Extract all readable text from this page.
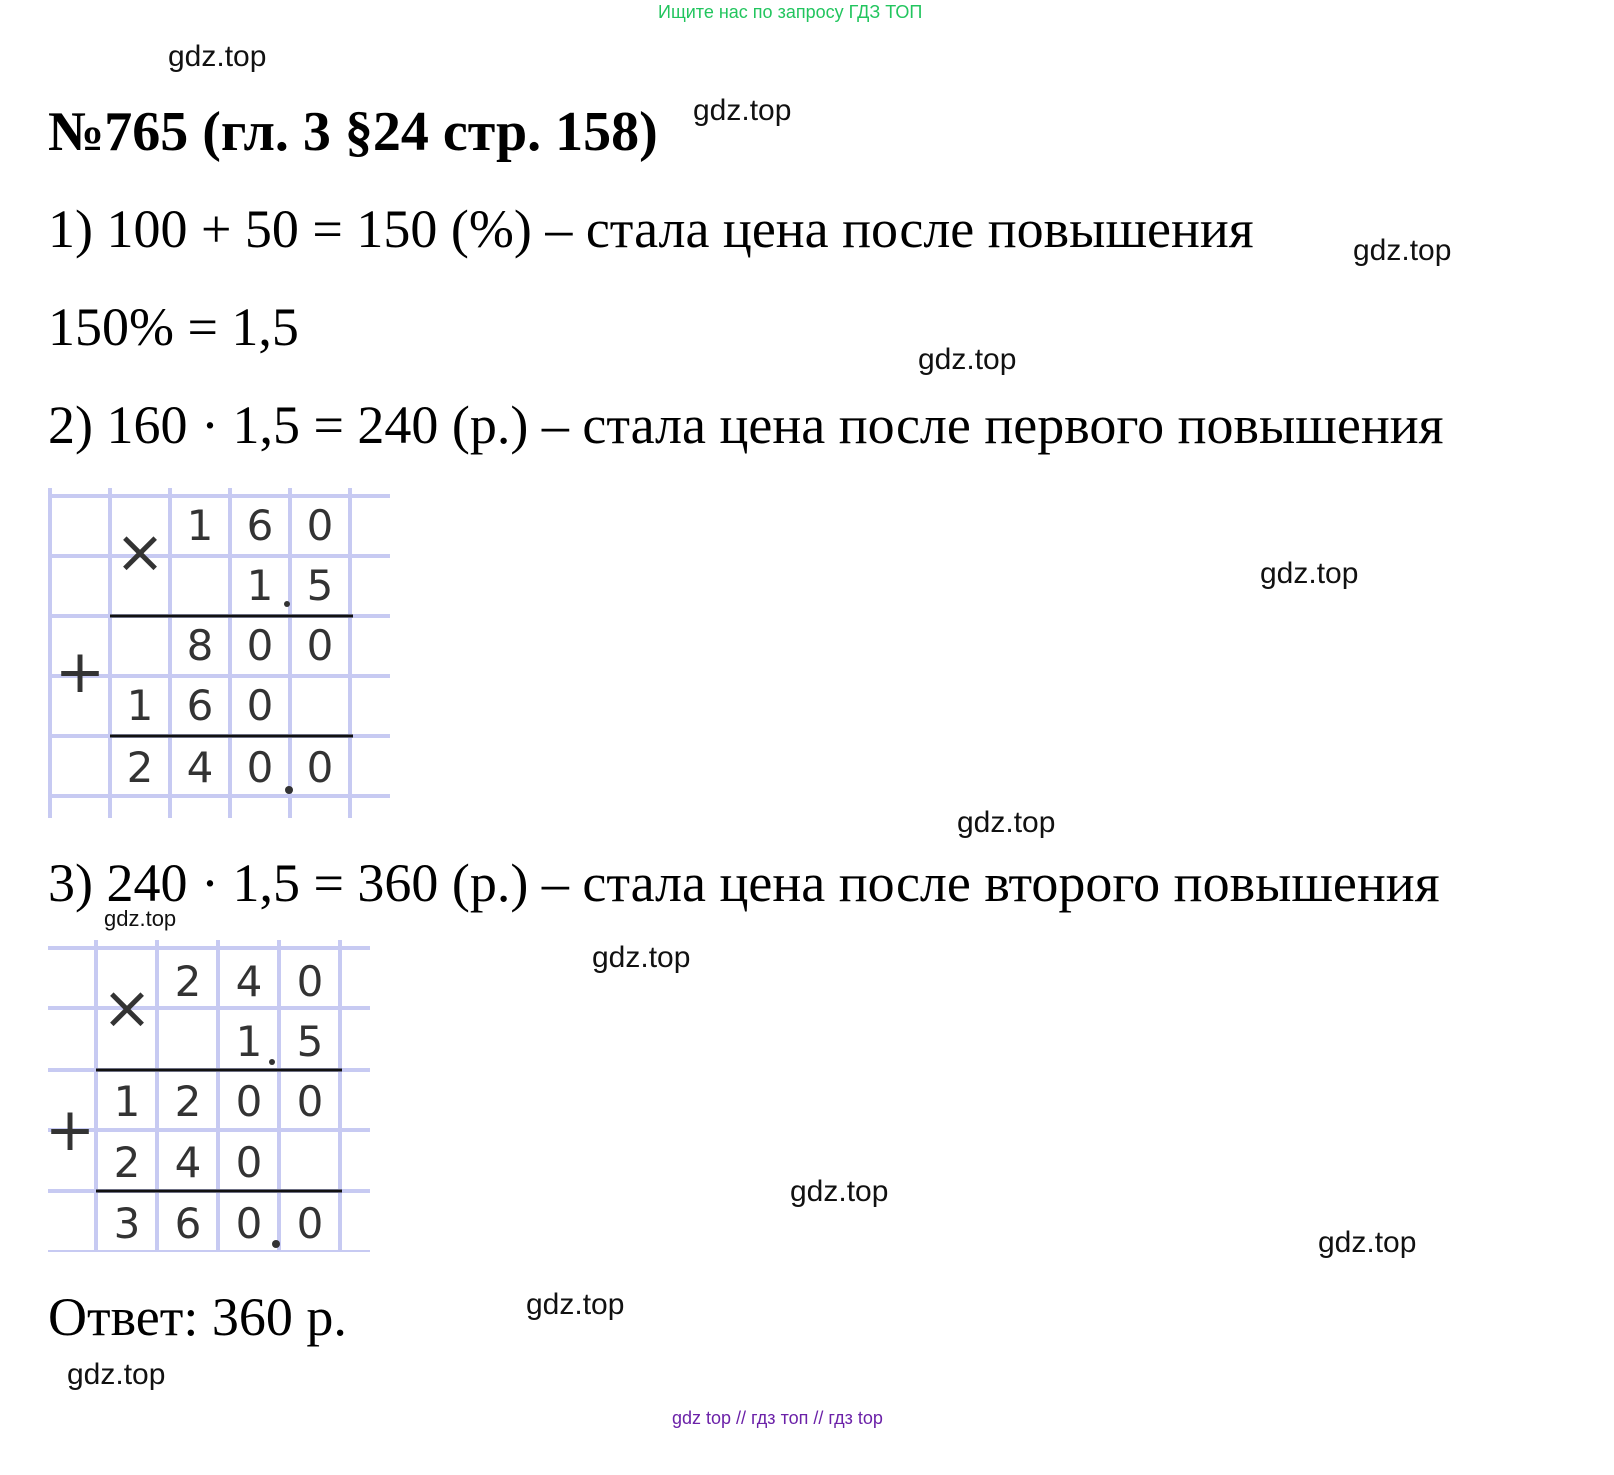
Ищите нас по запросу ГДЗ ТОП
gdz.top
№765 (гл. 3 §24 стр. 158) gdz.top
1) 100 + 50 = 150 (%) – стала цена после повышения	gdz.top
150% = 1,5
gdz.top
2) 160 · 1,5 = 240 (р.) – стала цена после первого повышения
× 1 6 0
1 5
8 0 0
+ 1 6 0
2 4 0 0
gdz.top
gdz.top
3) 240 · 1,5 = 360 (р.) – стала цена после второго повышения
gdz.top
gdz.top
× 2 4 0
1 5
1 2 0 0
+ 2 4 0
3 6 0 0
gdz.top
gdz.top
Ответ: 360 р.	gdz.top
gdz.top
gdz top // гдз топ // гдз top
